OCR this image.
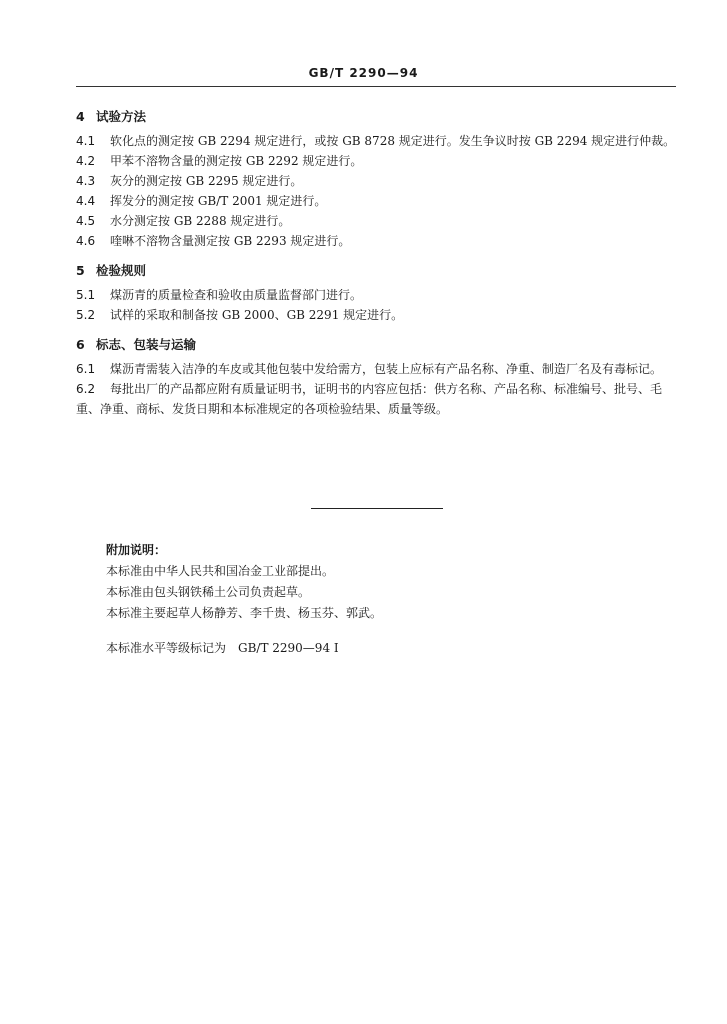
GB/T 2290—94
4 试验方法
4.1 软化点的测定按 GB 2294 规定进行，或按 GB 8728 规定进行。发生争议时按 GB 2294 规定进行仲裁。
4.2 甲苯不溶物含量的测定按 GB 2292 规定进行。
4.3 灰分的测定按 GB 2295 规定进行。
4.4 挥发分的测定按 GB/T 2001 规定进行。
4.5 水分测定按 GB 2288 规定进行。
4.6 喹啉不溶物含量测定按 GB 2293 规定进行。
5 检验规则
5.1 煤沥青的质量检查和验收由质量监督部门进行。
5.2 试样的采取和制备按 GB 2000、GB 2291 规定进行。
6 标志、包装与运输
6.1 煤沥青需装入洁净的车皮或其他包装中发给需方，包装上应标有产品名称、净重、制造厂名及有毒标记。
6.2 每批出厂的产品都应附有质量证明书，证明书的内容应包括：供方名称、产品名称、标准编号、批号、毛重、净重、商标、发货日期和本标准规定的各项检验结果、质量等级。
附加说明：
本标准由中华人民共和国冶金工业部提出。
本标准由包头钢铁稀土公司负责起草。
本标准主要起草人杨静芳、李千贵、杨玉芬、郭武。
本标准水平等级标记为　GB/T 2290—94 I
